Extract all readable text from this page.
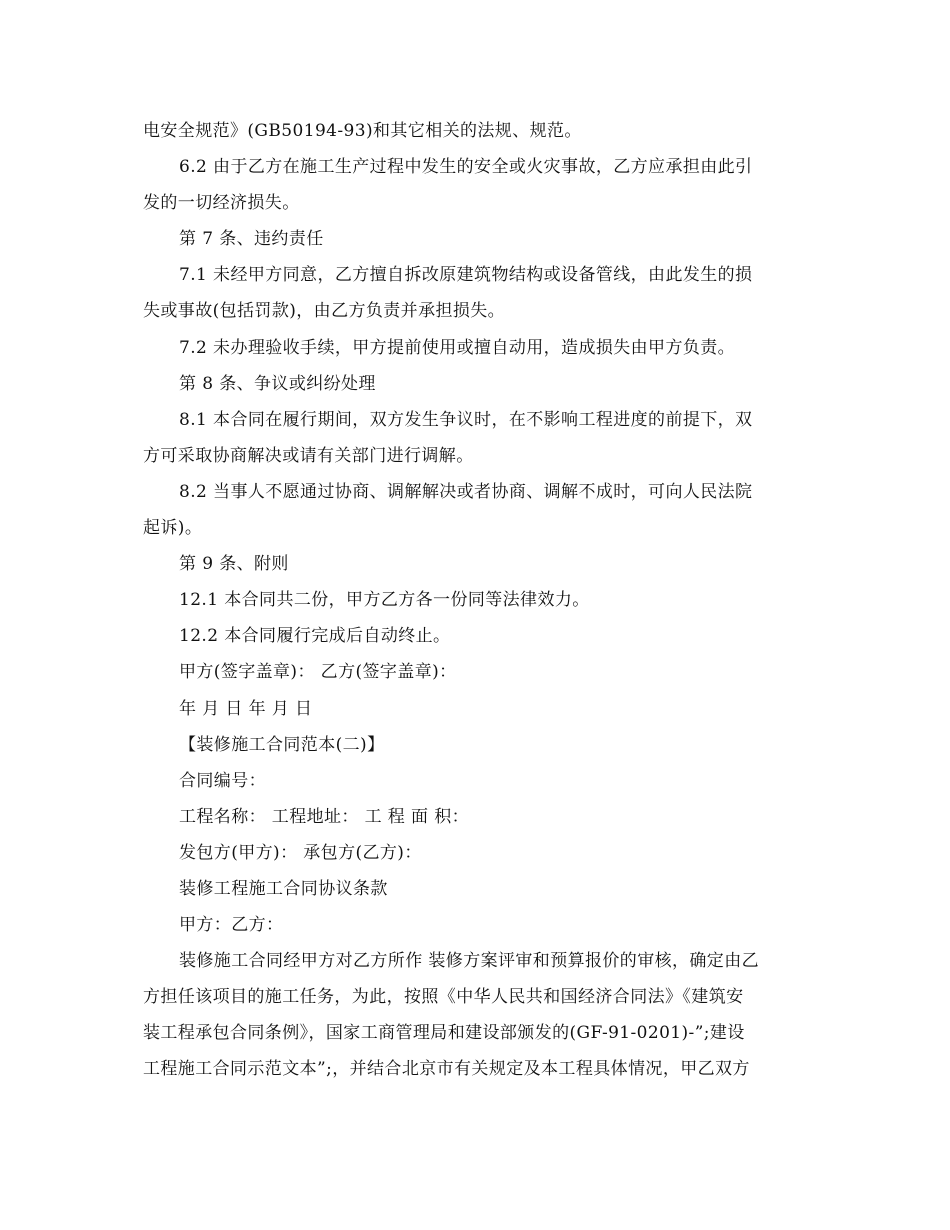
电安全规范》(GB50194-93)和其它相关的法规、规范。

6.2 由于乙方在施工生产过程中发生的安全或火灾事故，乙方应承担由此引

发的一切经济损失。

第 7 条、违约责任

7.1 未经甲方同意，乙方擅自拆改原建筑物结构或设备管线，由此发生的损

失或事故(包括罚款)，由乙方负责并承担损失。

7.2 未办理验收手续，甲方提前使用或擅自动用，造成损失由甲方负责。

第 8 条、争议或纠纷处理

8.1 本合同在履行期间，双方发生争议时，在不影响工程进度的前提下，双

方可采取协商解决或请有关部门进行调解。

8.2 当事人不愿通过协商、调解解决或者协商、调解不成时，可向人民法院

起诉)。

第 9 条、附则

12.1 本合同共二份，甲方乙方各一份同等法律效力。

12.2 本合同履行完成后自动终止。

甲方(签字盖章)： 乙方(签字盖章)：

年 月 日 年 月 日

【装修施工合同范本(二)】

合同编号：

工程名称： 工程地址： 工 程 面 积：

发包方(甲方)： 承包方(乙方)：

装修工程施工合同协议条款

甲方：乙方：

装修施工合同经甲方对乙方所作 装修方案评审和预算报价的审核，确定由乙

方担任该项目的施工任务，为此，按照《中华人民共和国经济合同法》《建筑安

装工程承包合同条例》，国家工商管理局和建设部颁发的(GF-91-0201)-”;建设

工程施工合同示范文本”;，并结合北京市有关规定及本工程具体情况，甲乙双方
